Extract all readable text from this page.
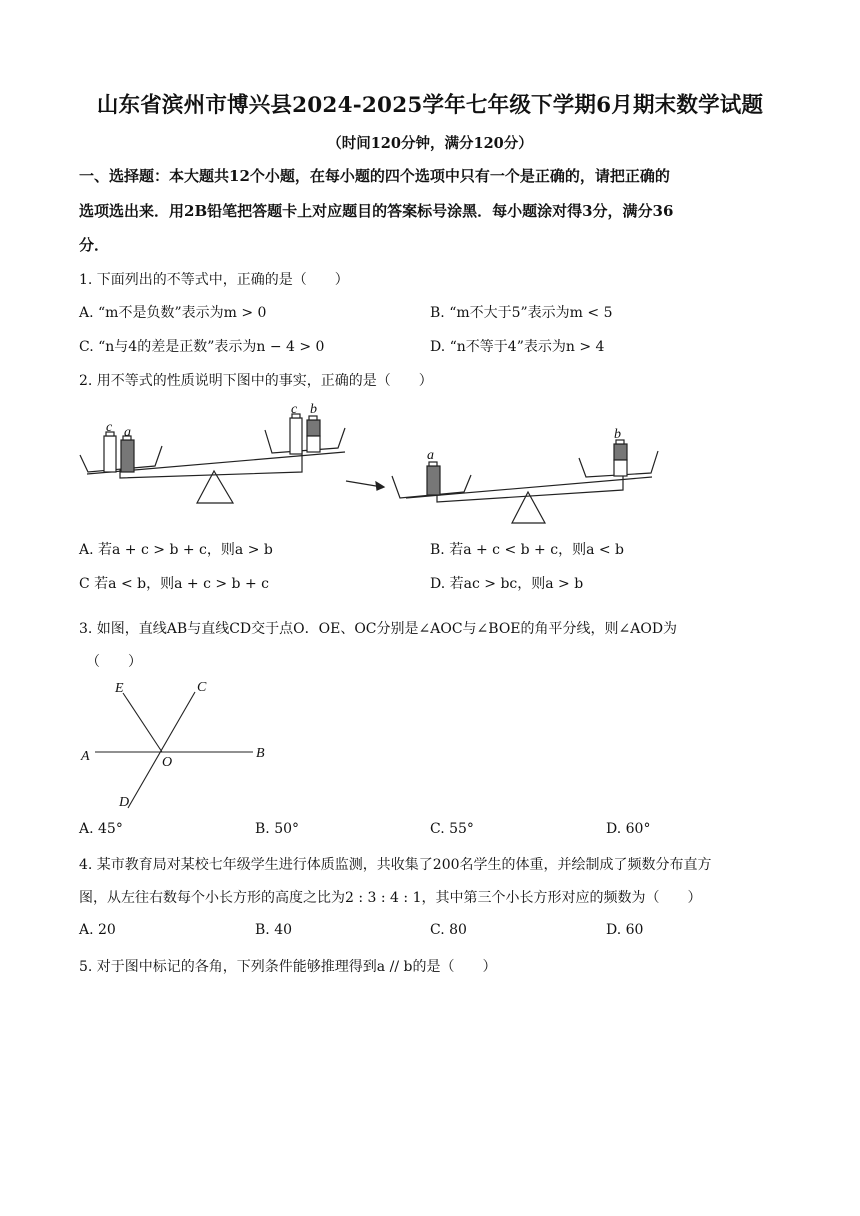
山东省滨州市博兴县2024-2025学年七年级下学期6月期末数学试题
（时间120分钟，满分120分）
一、选择题：本大题共12个小题，在每小题的四个选项中只有一个是正确的，请把正确的
选项选出来．用2B铅笔把答题卡上对应题目的答案标号涂黑．每小题涂对得3分，满分36
分．
1. 下面列出的不等式中，正确的是（　　）
A. “m不是负数”表示为m > 0	B. “m不大于5”表示为m < 5
C. “n与4的差是正数”表示为n − 4 > 0	D. “n不等于4”表示为n > 4
2. 用不等式的性质说明下图中的事实，正确的是（　　）
c a
c b
a
b
E	C
A	O
B
D
A. 若a + c > b + c，则a > b	B. 若a + c < b + c，则a < b
C 若a < b，则a + c > b + c	D. 若ac > bc，则a > b
3. 如图，直线AB与直线CD交于点O．OE、OC分别是∠AOC与∠BOE的角平分线，则∠AOD为
（　　）
A. 45°	B. 50°	C. 55°	D. 60°
4. 某市教育局对某校七年级学生进行体质监测，共收集了200名学生的体重，并绘制成了频数分布直方
图，从左往右数每个小长方形的高度之比为2 : 3 : 4 : 1，其中第三个小长方形对应的频数为（　　）
A. 20	B. 40	C. 80	D. 60
5. 对于图中标记的各角，下列条件能够推理得到a // b的是（　　）
